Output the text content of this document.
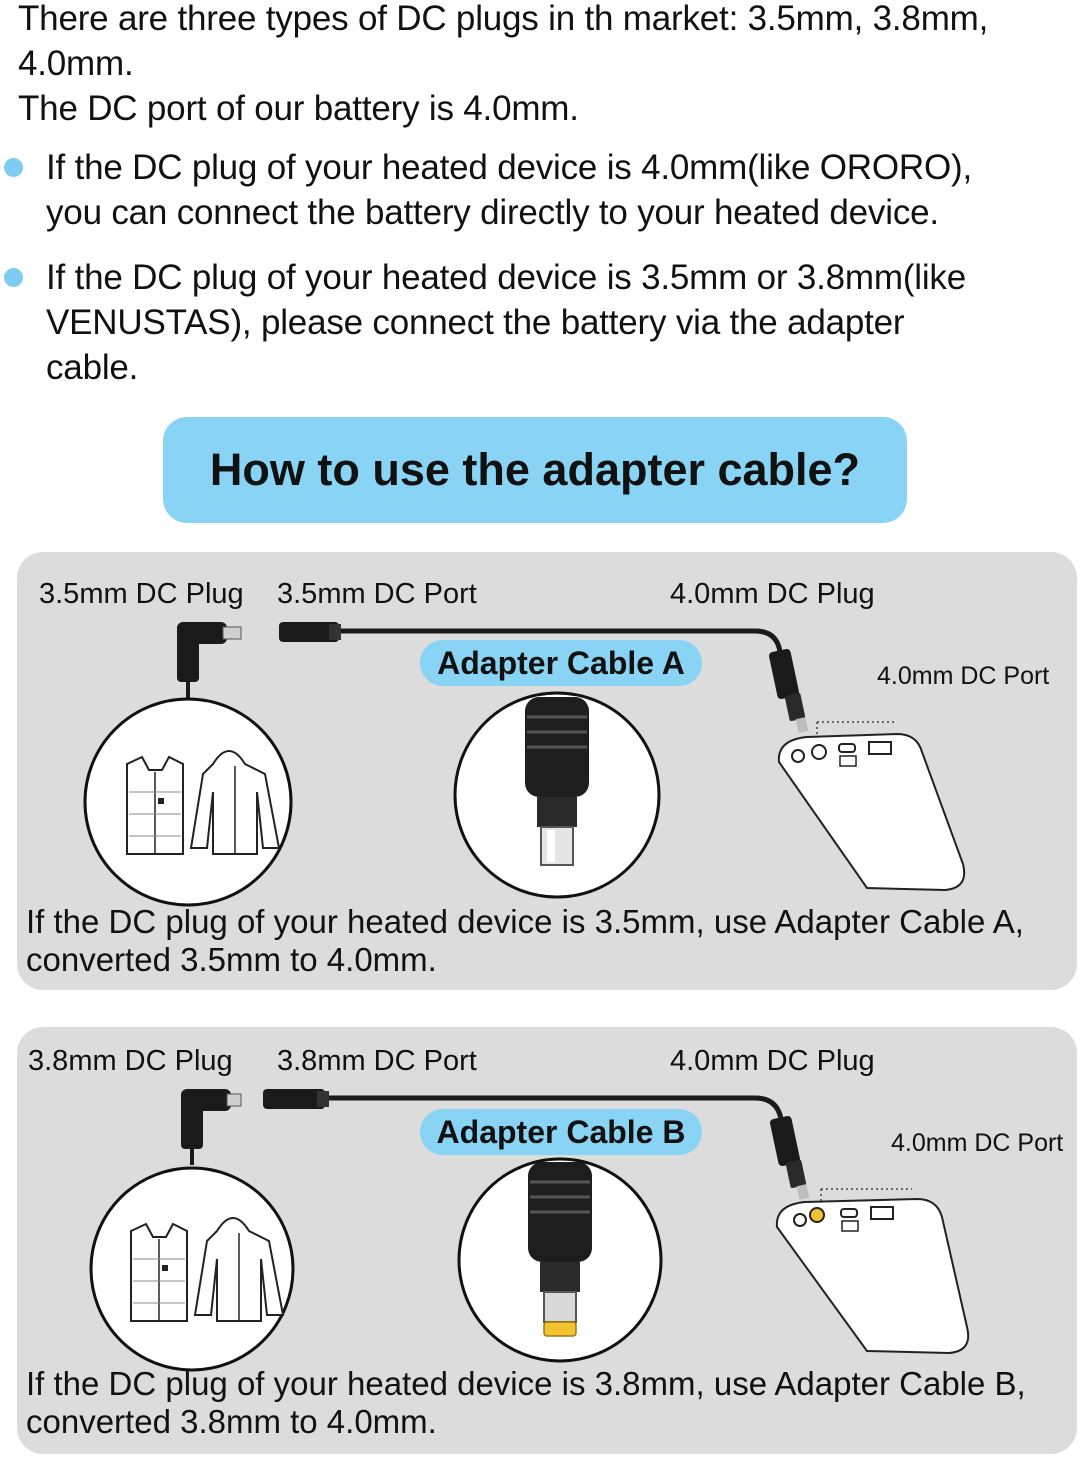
There are three types of DC plugs in th market: 3.5mm, 3.8mm,
4.0mm.
The DC port of our battery is 4.0mm.
If the DC plug of your heated device is 4.0mm(like ORORO),
you can connect the battery directly to your heated device.
If the DC plug of your heated device is 3.5mm or 3.8mm(like
VENUSTAS), please connect the battery via the adapter
cable.
How to use the adapter cable?
3.5mm DC Plug 3.5mm DC Port	4.0mm DC Plug
4.0mm DC Port
Adapter Cable A
If the DC plug of your heated device is 3.5mm, use Adapter Cable A,
converted 3.5mm to 4.0mm.
3.8mm DC Plug 3.8mm DC Port	4.0mm DC Plug
4.0mm DC Port
Adapter Cable B
If the DC plug of your heated device is 3.8mm, use Adapter Cable B,
converted 3.8mm to 4.0mm.
